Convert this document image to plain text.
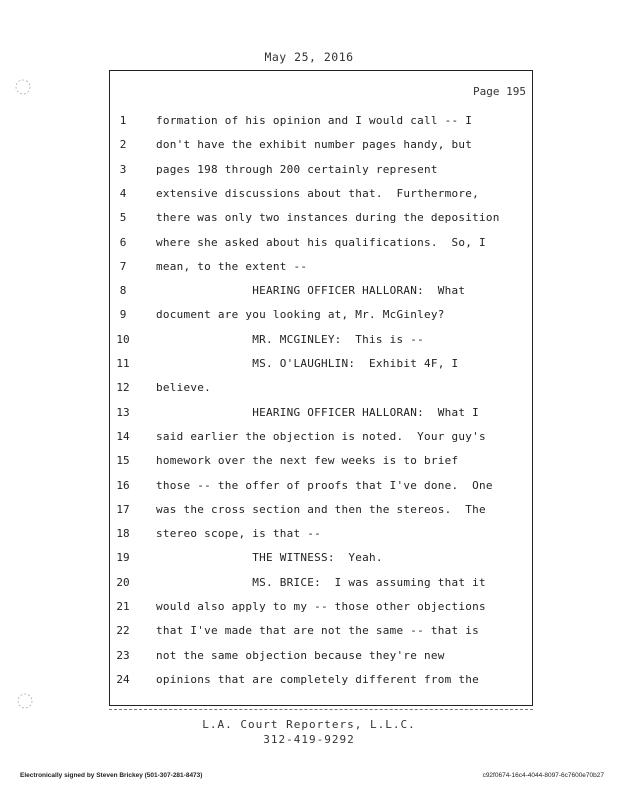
May 25, 2016
Page 195
1	formation of his opinion and I would call -- I
2	don't have the exhibit number pages handy, but
3	pages 198 through 200 certainly represent
4	extensive discussions about that.  Furthermore,
5	there was only two instances during the deposition
6	where she asked about his qualifications.  So, I
7	mean, to the extent --
8	HEARING OFFICER HALLORAN:  What
9	document are you looking at, Mr. McGinley?
10	MR. MCGINLEY:  This is --
11	MS. O'LAUGHLIN:  Exhibit 4F, I
12	believe.
13	HEARING OFFICER HALLORAN:  What I
14	said earlier the objection is noted.  Your guy's
15	homework over the next few weeks is to brief
16	those -- the offer of proofs that I've done.  One
17	was the cross section and then the stereos.  The
18	stereo scope, is that --
19	THE WITNESS:  Yeah.
20	MS. BRICE:  I was assuming that it
21	would also apply to my -- those other objections
22	that I've made that are not the same -- that is
23	not the same objection because they're new
24	opinions that are completely different from the
L.A. Court Reporters, L.L.C.
312-419-9292
Electronically signed by Steven Brickey (501-307-281-8473)	c92f0674-16c4-4044-8097-6c7600e70b27
